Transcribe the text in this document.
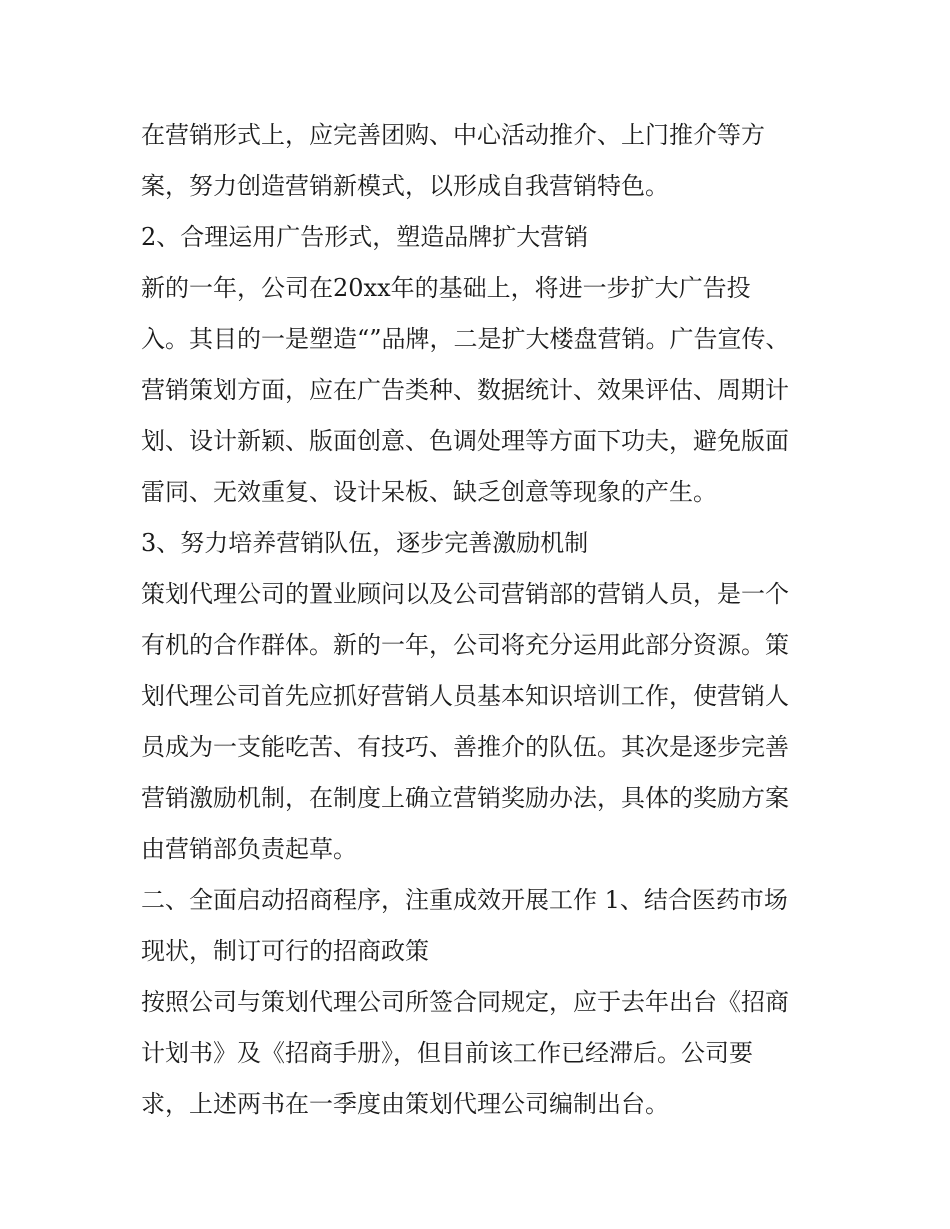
在营销形式上，应完善团购、中心活动推介、上门推介等方
案，努力创造营销新模式，以形成自我营销特色。
2、合理运用广告形式，塑造品牌扩大营销
新的一年，公司在20xx年的基础上，将进一步扩大广告投
入。其目的一是塑造“”品牌，二是扩大楼盘营销。广告宣传、
营销策划方面，应在广告类种、数据统计、效果评估、周期计
划、设计新颖、版面创意、色调处理等方面下功夫，避免版面
雷同、无效重复、设计呆板、缺乏创意等现象的产生。
3、努力培养营销队伍，逐步完善激励机制
策划代理公司的置业顾问以及公司营销部的营销人员，是一个
有机的合作群体。新的一年，公司将充分运用此部分资源。策
划代理公司首先应抓好营销人员基本知识培训工作，使营销人
员成为一支能吃苦、有技巧、善推介的队伍。其次是逐步完善
营销激励机制，在制度上确立营销奖励办法，具体的奖励方案
由营销部负责起草。
二、全面启动招商程序，注重成效开展工作 1、结合医药市场
现状，制订可行的招商政策
按照公司与策划代理公司所签合同规定，应于去年出台《招商
计划书》及《招商手册》，但目前该工作已经滞后。公司要
求，上述两书在一季度由策划代理公司编制出台。
